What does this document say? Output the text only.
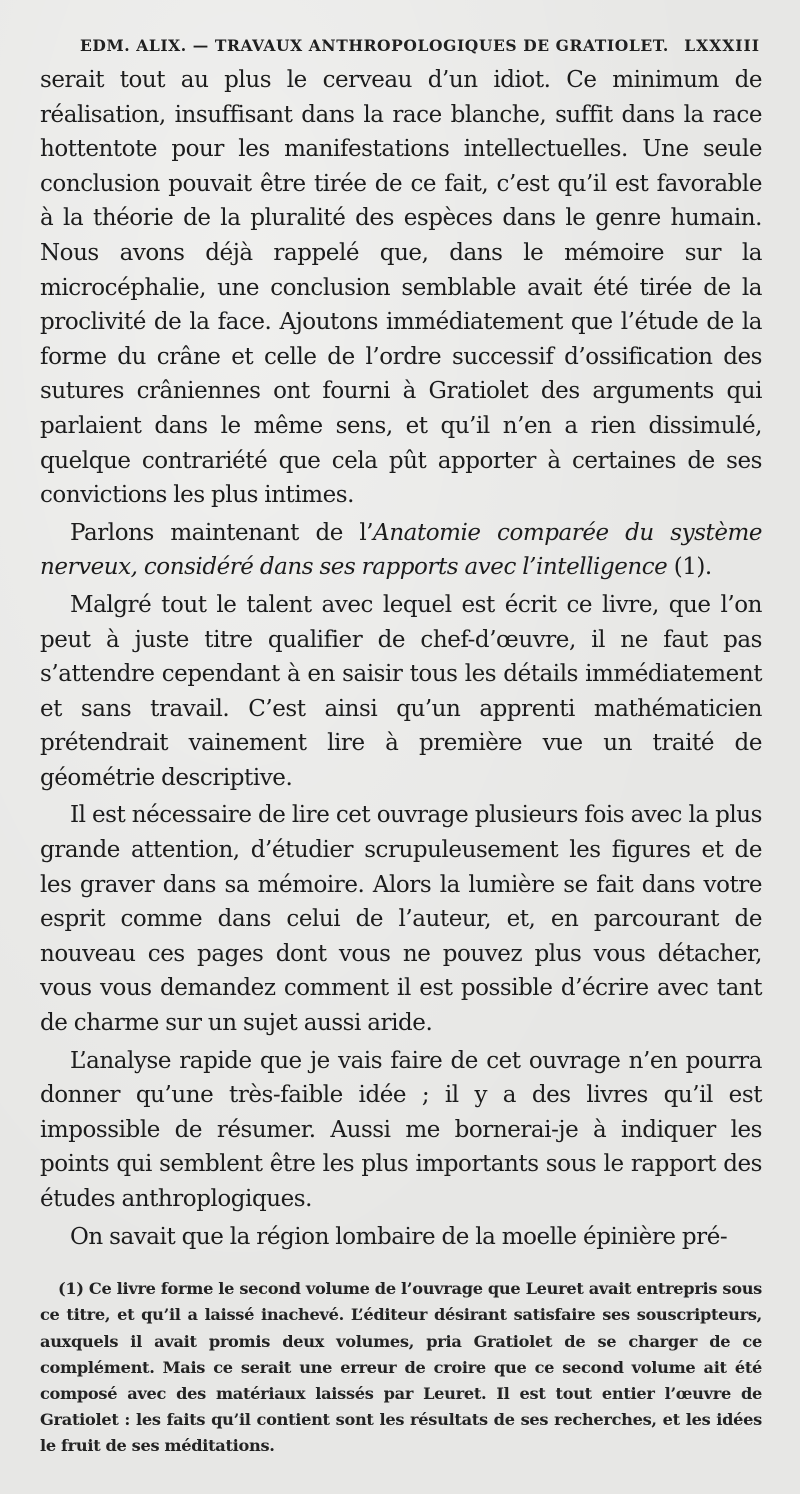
EDM. ALIX. — TRAVAUX ANTHROPOLOGIQUES DE GRATIOLET. LXXXIII

serait tout au plus le cerveau d’un idiot. Ce minimum de réalisation, insuffisant dans la race blanche, suffit dans la race hottentote pour les manifestations intellectuelles. Une seule conclusion pouvait être tirée de ce fait, c’est qu’il est favorable à la théorie de la pluralité des espèces dans le genre humain. Nous avons déjà rappelé que, dans le mémoire sur la microcéphalie, une conclusion semblable avait été tirée de la proclivité de la face. Ajoutons immédiatement que l’étude de la forme du crâne et celle de l’ordre successif d’ossification des sutures crâniennes ont fourni à Gratiolet des arguments qui parlaient dans le même sens, et qu’il n’en a rien dissimulé, quelque contrariété que cela pût apporter à certaines de ses convictions les plus intimes.

Parlons maintenant de l’Anatomie comparée du système nerveux, considéré dans ses rapports avec l’intelligence (1).

Malgré tout le talent avec lequel est écrit ce livre, que l’on peut à juste titre qualifier de chef-d’œuvre, il ne faut pas s’attendre cependant à en saisir tous les détails immédiatement et sans travail. C’est ainsi qu’un apprenti mathématicien prétendrait vainement lire à première vue un traité de géométrie descriptive.

Il est nécessaire de lire cet ouvrage plusieurs fois avec la plus grande attention, d’étudier scrupuleusement les figures et de les graver dans sa mémoire. Alors la lumière se fait dans votre esprit comme dans celui de l’auteur, et, en parcourant de nouveau ces pages dont vous ne pouvez plus vous détacher, vous vous demandez comment il est possible d’écrire avec tant de charme sur un sujet aussi aride.

L’analyse rapide que je vais faire de cet ouvrage n’en pourra donner qu’une très-faible idée ; il y a des livres qu’il est impossible de résumer. Aussi me bornerai-je à indiquer les points qui semblent être les plus importants sous le rapport des études anthroplogiques.

On savait que la région lombaire de la moelle épinière pré-

(1) Ce livre forme le second volume de l’ouvrage que Leuret avait entrepris sous ce titre, et qu’il a laissé inachevé. L’éditeur désirant satisfaire ses souscripteurs, auxquels il avait promis deux volumes, pria Gratiolet de se charger de ce complément. Mais ce serait une erreur de croire que ce second volume ait été composé avec des matériaux laissés par Leuret. Il est tout entier l’œuvre de Gratiolet : les faits qu’il contient sont les résultats de ses recherches, et les idées le fruit de ses méditations.
